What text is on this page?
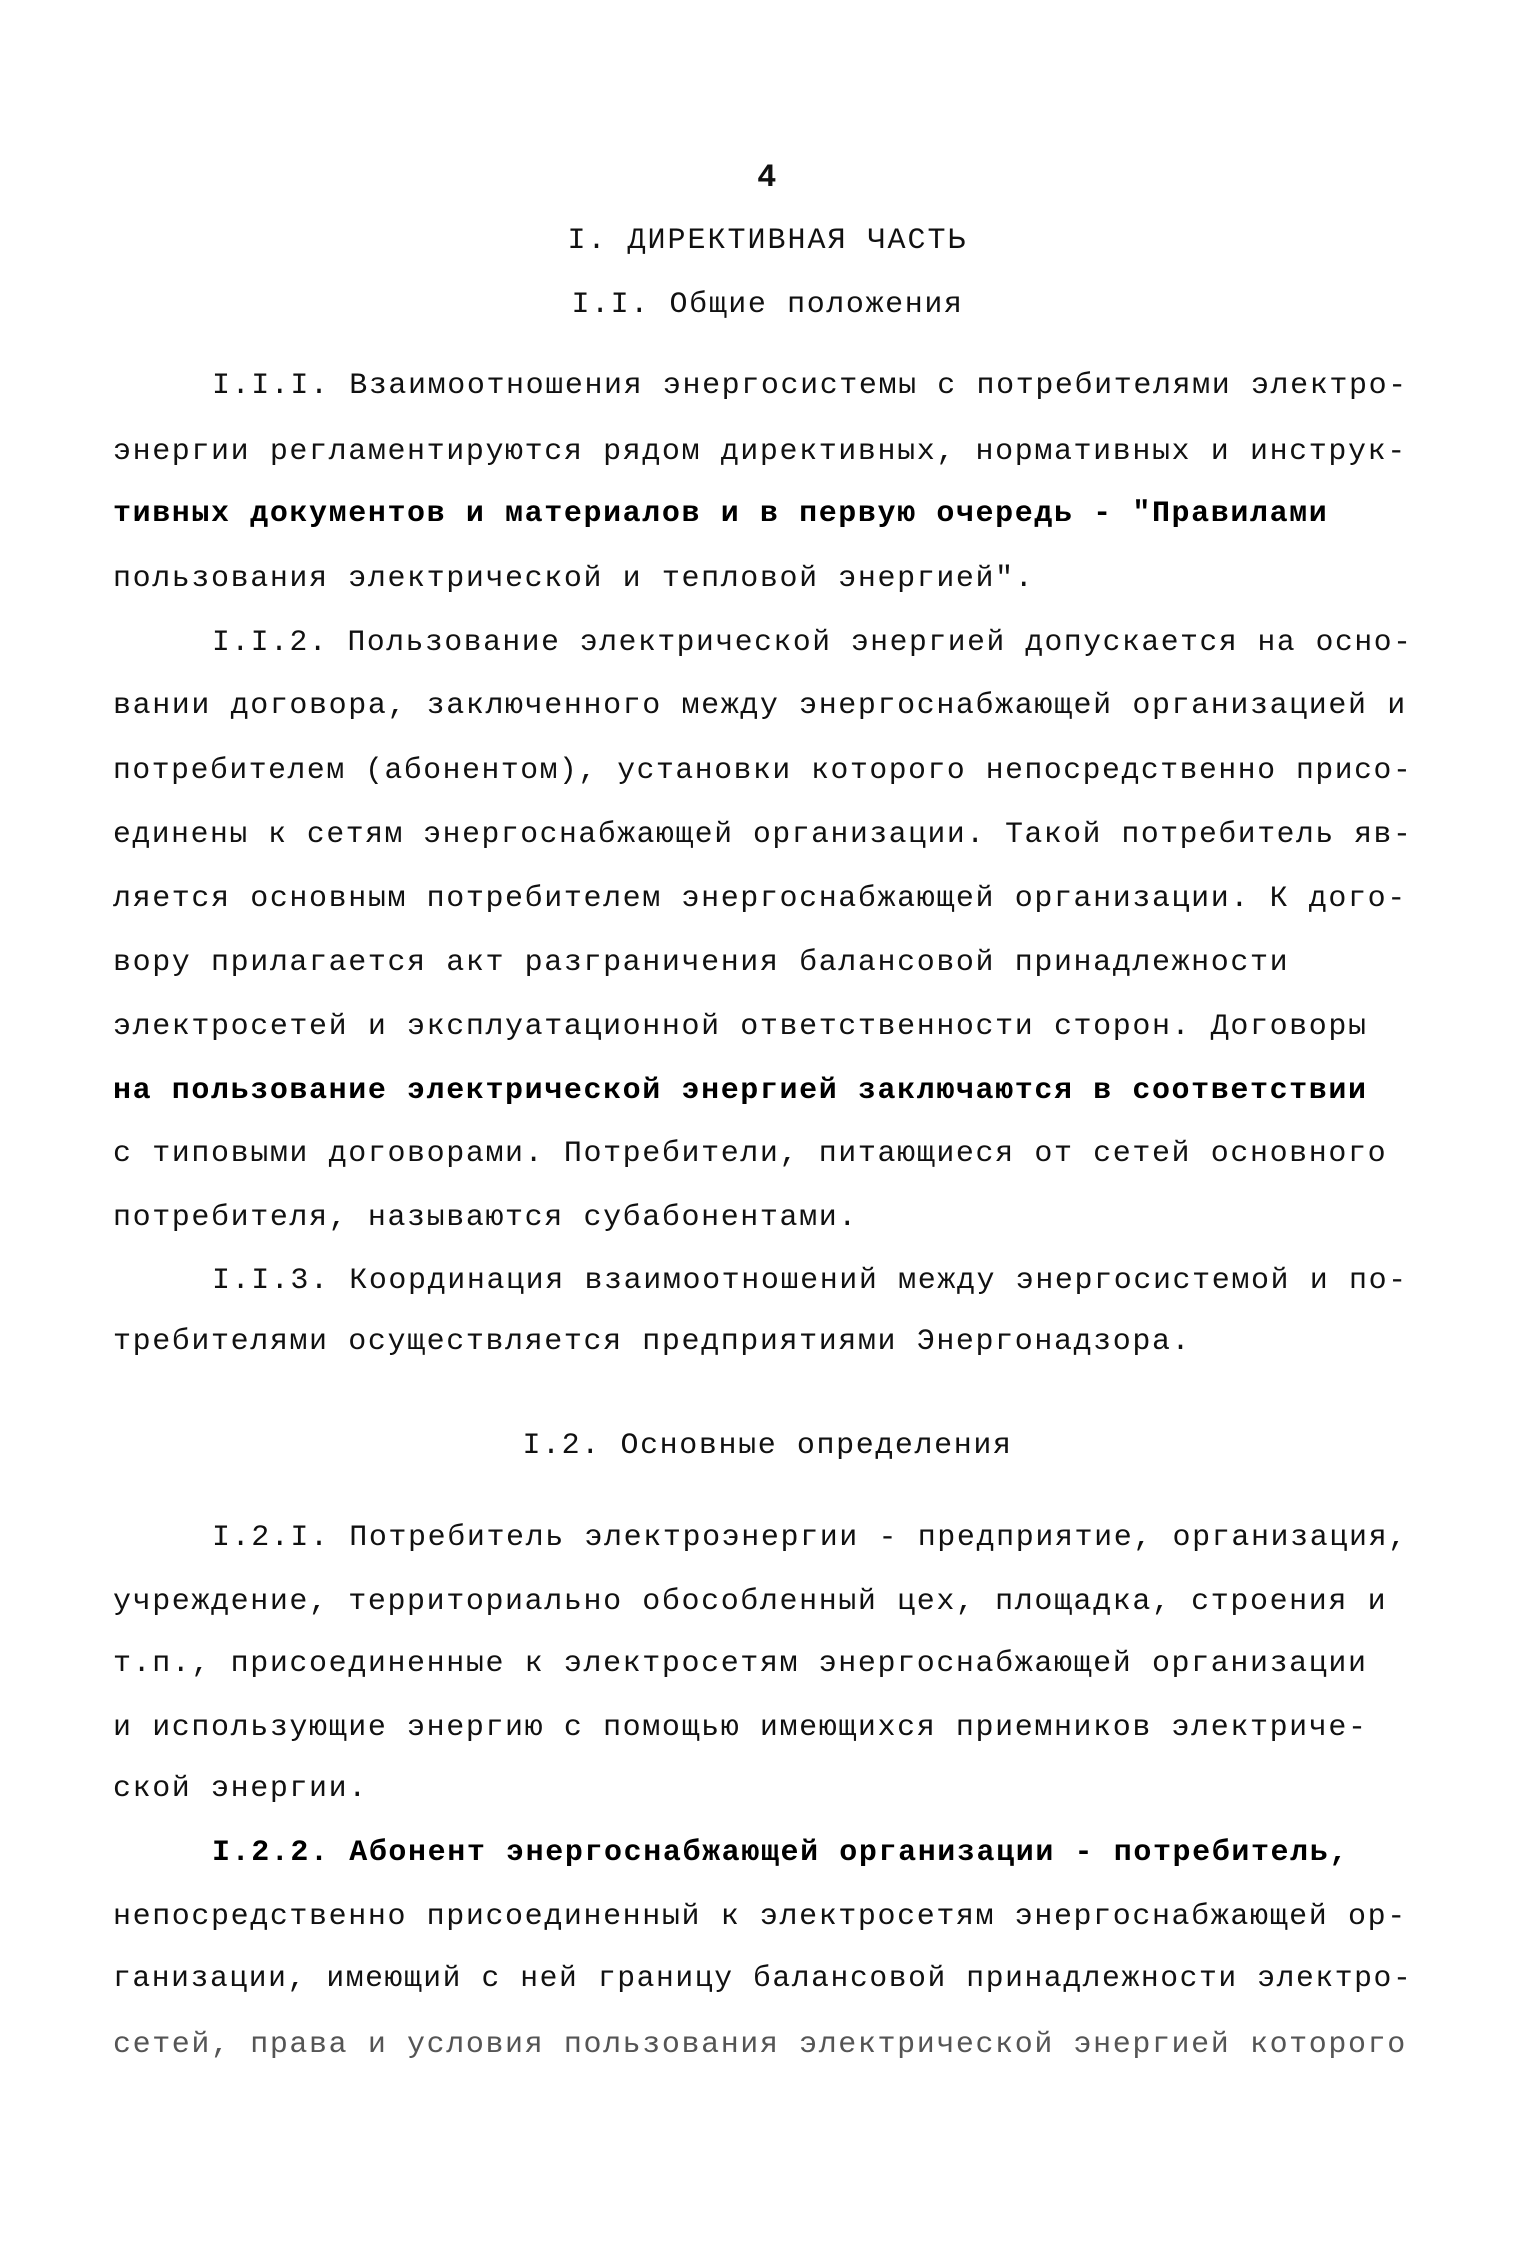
4
I. ДИРЕКТИВНАЯ ЧАСТЬ
I.I. Общие положения
I.I.I. Взаимоотношения энергосистемы с потребителями электро-
энергии регламентируются рядом директивных, нормативных и инструк-
тивных документов и материалов и в первую очередь - "Правилами
пользования электрической и тепловой энергией".
I.I.2. Пользование электрической энергией допускается на осно-
вании договора, заключенного между энергоснабжающей организацией и
потребителем (абонентом), установки которого непосредственно присо-
единены к сетям энергоснабжающей организации. Такой потребитель яв-
ляется основным потребителем энергоснабжающей организации. К дого-
вору прилагается акт разграничения балансовой принадлежности
электросетей и эксплуатационной ответственности сторон. Договоры
на пользование электрической энергией заключаются в соответствии
с типовыми договорами. Потребители, питающиеся от сетей основного
потребителя, называются субабонентами.
I.I.3. Координация взаимоотношений между энергосистемой и по-
требителями осуществляется предприятиями Энергонадзора.
I.2. Основные определения
I.2.I. Потребитель электроэнергии - предприятие, организация,
учреждение, территориально обособленный цех, площадка, строения и
т.п., присоединенные к электросетям энергоснабжающей организации
и использующие энергию с помощью имеющихся приемников электриче-
ской энергии.
I.2.2. Абонент энергоснабжающей организации - потребитель,
непосредственно присоединенный к электросетям энергоснабжающей ор-
ганизации, имеющий с ней границу балансовой принадлежности электро-
сетей, права и условия пользования электрической энергией которого
